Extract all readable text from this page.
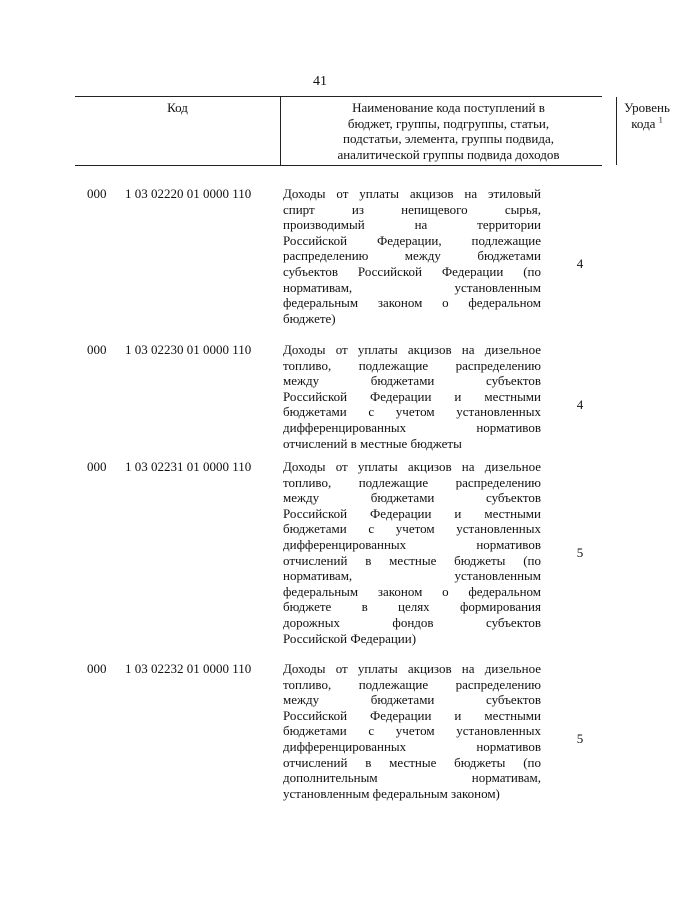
41
Код	Наименование кода поступлений в
бюджет, группы, подгруппы, статьи,
подстатьи, элемента, группы подвида,
аналитической группы подвида доходов
Уровень
кода $^1$
000	1 03 02220 01 0000 110	Доходы от уплаты акцизов на этиловый
спирт из непищевого сырья,
производимый на территории
Российской Федерации, подлежащие
распределению между бюджетами
субъектов Российской Федерации (по
нормативам, установленным
федеральным законом о федеральном
бюджете)
4
000	1 03 02230 01 0000 110	Доходы от уплаты акцизов на дизельное
топливо, подлежащие распределению
между бюджетами субъектов
Российской Федерации и местными
бюджетами с учетом установленных
дифференцированных нормативов
отчислений в местные бюджеты
4
000	1 03 02231 01 0000 110	Доходы от уплаты акцизов на дизельное
топливо, подлежащие распределению
между бюджетами субъектов
Российской Федерации и местными
бюджетами с учетом установленных
дифференцированных нормативов
отчислений в местные бюджеты (по
нормативам, установленным
федеральным законом о федеральном
бюджете в целях формирования
дорожных фондов субъектов
Российской Федерации)
5
000	1 03 02232 01 0000 110	Доходы от уплаты акцизов на дизельное
топливо, подлежащие распределению
между бюджетами субъектов
Российской Федерации и местными
бюджетами с учетом установленных
дифференцированных нормативов
отчислений в местные бюджеты (по
дополнительным нормативам,
установленным федеральным законом)
5
